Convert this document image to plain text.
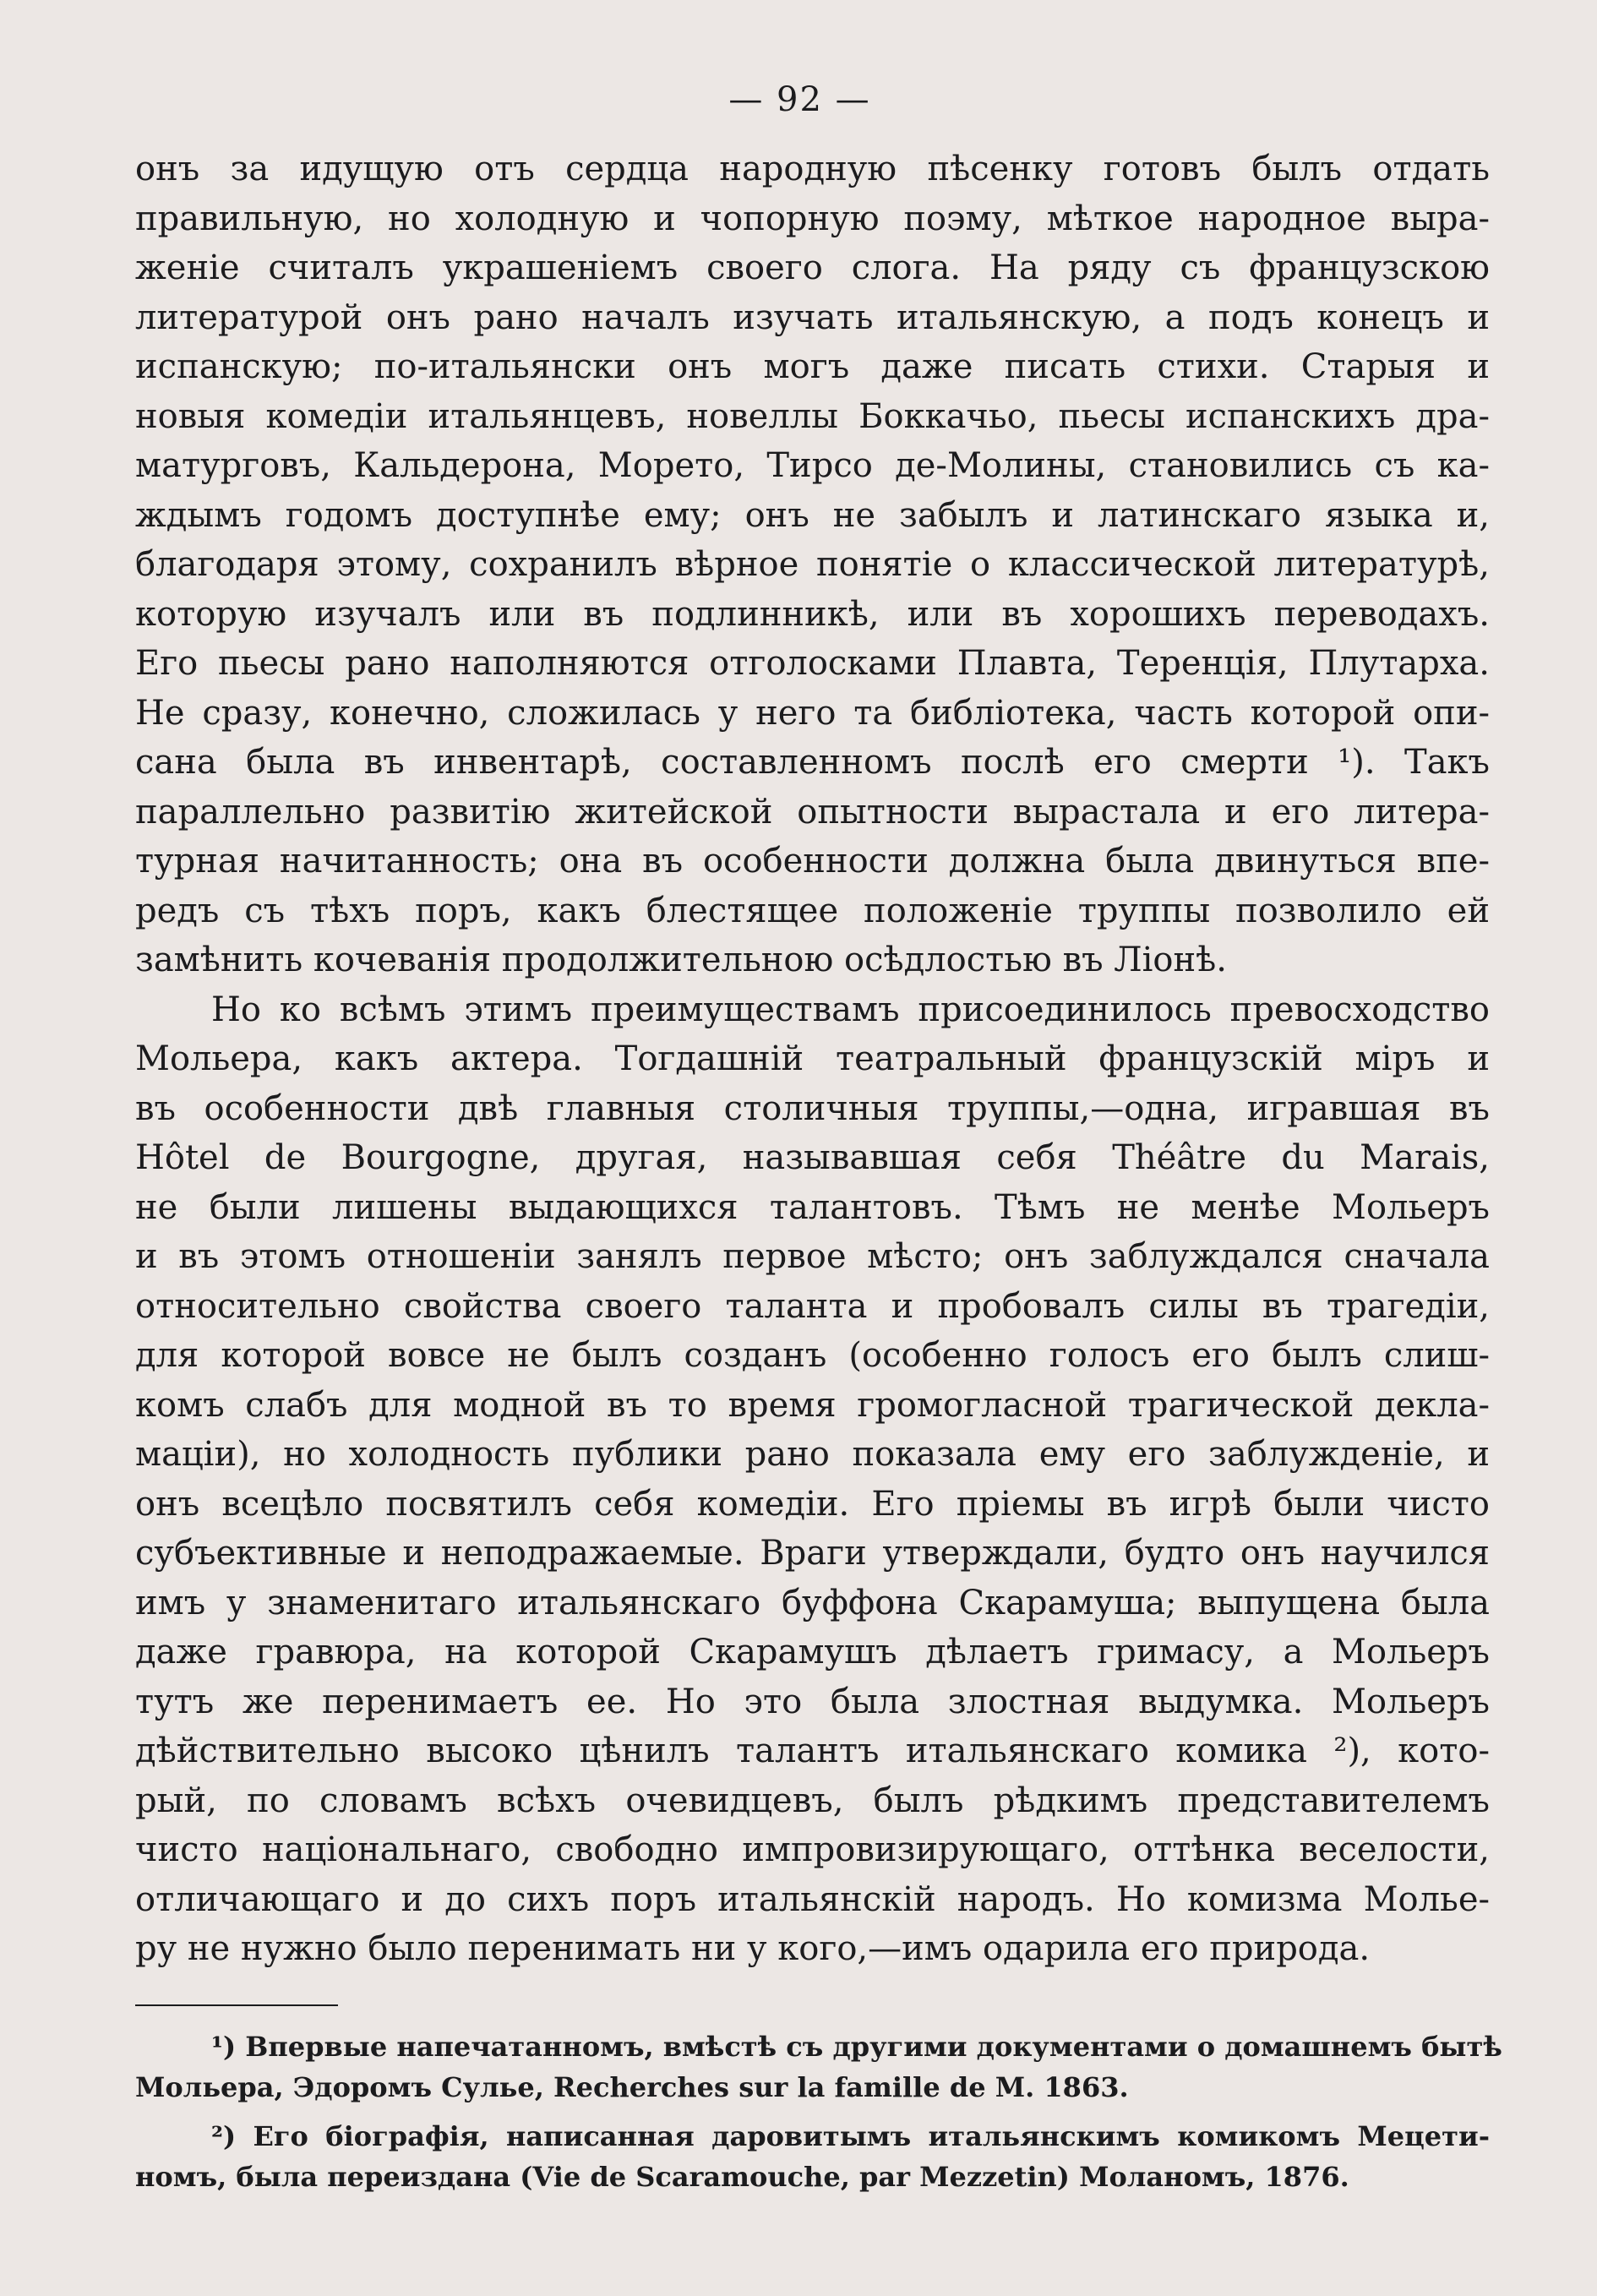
— 92 —
онъ за идущую отъ сердца народную пѣсенку готовъ былъ отдать
правильную, но холодную и чопорную поэму, мѣткое народное выра-
женіе считалъ украшеніемъ своего слога. На ряду съ французскою
литературой онъ рано началъ изучать итальянскую, а подъ конецъ и
испанскую; по-итальянски онъ могъ даже писать стихи. Старыя и
новыя комедіи итальянцевъ, новеллы Боккачьо, пьесы испанскихъ дра-
матурговъ, Кальдерона, Морето, Тирсо де-Молины, становились съ ка-
ждымъ годомъ доступнѣе ему; онъ не забылъ и латинскаго языка и,
благодаря этому, сохранилъ вѣрное понятіе о классической литературѣ,
которую изучалъ или въ подлинникѣ, или въ хорошихъ переводахъ.
Его пьесы рано наполняются отголосками Плавта, Теренція, Плутарха.
Не сразу, конечно, сложилась у него та библіотека, часть которой опи-
сана была въ инвентарѣ, составленномъ послѣ его смерти ¹). Такъ
параллельно развитію житейской опытности вырастала и его литера-
турная начитанность; она въ особенности должна была двинуться впе-
редъ съ тѣхъ поръ, какъ блестящее положеніе труппы позволило ей
замѣнить кочеванія продолжительною осѣдлостью въ Ліонѣ.
Но ко всѣмъ этимъ преимуществамъ присоединилось превосходство
Мольера, какъ актера. Тогдашній театральный французскій міръ и
въ особенности двѣ главныя столичныя труппы,—одна, игравшая въ
Hôtel de Bourgogne, другая, называвшая себя Théâtre du Marais,
не были лишены выдающихся талантовъ. Тѣмъ не менѣе Мольеръ
и въ этомъ отношеніи занялъ первое мѣсто; онъ заблуждался сначала
относительно свойства своего таланта и пробовалъ силы въ трагедіи,
для которой вовсе не былъ созданъ (особенно голосъ его былъ слиш-
комъ слабъ для модной въ то время громогласной трагической декла-
маціи), но холодность публики рано показала ему его заблужденіе, и
онъ всецѣло посвятилъ себя комедіи. Его пріемы въ игрѣ были чисто
субъективные и неподражаемые. Враги утверждали, будто онъ научился
имъ у знаменитаго итальянскаго буффона Скарамуша; выпущена была
даже гравюра, на которой Скарамушъ дѣлаетъ гримасу, а Мольеръ
тутъ же перенимаетъ ее. Но это была злостная выдумка. Мольеръ
дѣйствительно высоко цѣнилъ талантъ итальянскаго комика ²), кото-
рый, по словамъ всѣхъ очевидцевъ, былъ рѣдкимъ представителемъ
чисто національнаго, свободно импровизирующаго, оттѣнка веселости,
отличающаго и до сихъ поръ итальянскій народъ. Но комизма Молье-
ру не нужно было перенимать ни у кого,—имъ одарила его природа.
¹) Впервые напечатанномъ, вмѣстѣ съ другими документами о домашнемъ бытѣ
Мольера, Эдоромъ Сулье, Recherches sur la famille de M. 1863.
²) Его біографія, написанная даровитымъ итальянскимъ комикомъ Мецети-
номъ, была переиздана (Vie de Scaramouche, par Mezzetin) Моланомъ, 1876.
